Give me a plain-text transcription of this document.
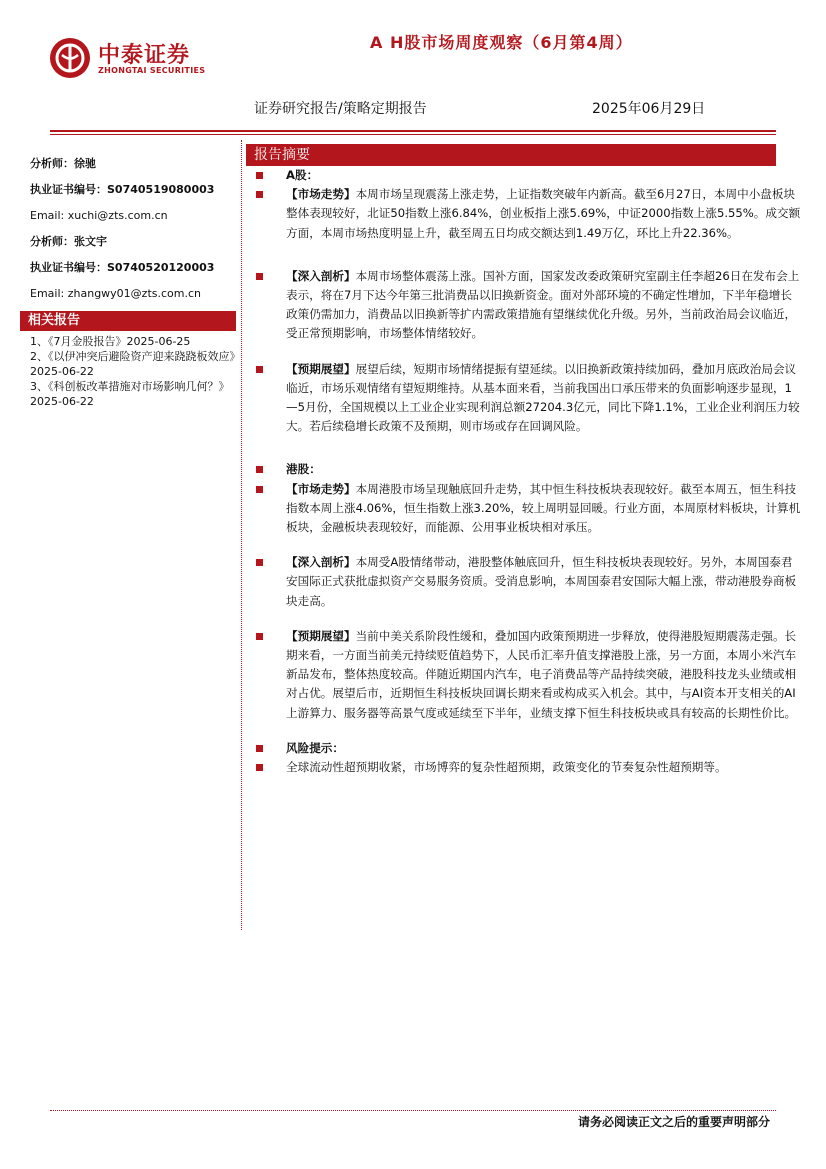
中泰证券
ZHONGTAI SECURITIES
A H股市场周度观察（6月第4周）
证券研究报告/策略定期报告	2025年06月29日
分析师：徐驰
执业证书编号：S0740519080003
Email: xuchi@zts.com.cn
分析师：张文宇
执业证书编号：S0740520120003
Email: zhangwy01@zts.com.cn
相关报告
1、《7月金股报告》2025-06-25
2、《以伊冲突后避险资产迎来跷跷板效应》2025-06-22
3、《科创板改革措施对市场影响几何？》2025-06-22
报告摘要
A股：
【市场走势】本周市场呈现震荡上涨走势，上证指数突破年内新高。截至6月27日，本周中小盘板块整体表现较好，北证50指数上涨6.84%，创业板指上涨5.69%，中证2000指数上涨5.55%。成交额方面，本周市场热度明显上升，截至周五日均成交额达到1.49万亿，环比上升22.36%。
【深入剖析】本周市场整体震荡上涨。国补方面，国家发改委政策研究室副主任李超26日在发布会上表示，将在7月下达今年第三批消费品以旧换新资金。面对外部环境的不确定性增加，下半年稳增长政策仍需加力，消费品以旧换新等扩内需政策措施有望继续优化升级。另外，当前政治局会议临近，受正常预期影响，市场整体情绪较好。
【预期展望】展望后续，短期市场情绪提振有望延续。以旧换新政策持续加码，叠加月底政治局会议临近，市场乐观情绪有望短期维持。从基本面来看，当前我国出口承压带来的负面影响逐步显现，1—5月份，全国规模以上工业企业实现利润总额27204.3亿元，同比下降1.1%，工业企业利润压力较大。若后续稳增长政策不及预期，则市场或存在回调风险。
港股：
【市场走势】本周港股市场呈现触底回升走势，其中恒生科技板块表现较好。截至本周五，恒生科技指数本周上涨4.06%，恒生指数上涨3.20%，较上周明显回暖。行业方面，本周原材料板块，计算机板块，金融板块表现较好，而能源、公用事业板块相对承压。
【深入剖析】本周受A股情绪带动，港股整体触底回升，恒生科技板块表现较好。另外，本周国泰君安国际正式获批虚拟资产交易服务资质。受消息影响，本周国泰君安国际大幅上涨，带动港股券商板块走高。
【预期展望】当前中美关系阶段性缓和，叠加国内政策预期进一步释放，使得港股短期震荡走强。长期来看，一方面当前美元持续贬值趋势下，人民币汇率升值支撑港股上涨，另一方面，本周小米汽车新品发布，整体热度较高。伴随近期国内汽车，电子消费品等产品持续突破，港股科技龙头业绩或相对占优。展望后市，近期恒生科技板块回调长期来看或构成买入机会。其中，与AI资本开支相关的AI上游算力、服务器等高景气度或延续至下半年，业绩支撑下恒生科技板块或具有较高的长期性价比。
风险提示：
全球流动性超预期收紧，市场博弈的复杂性超预期，政策变化的节奏复杂性超预期等。
请务必阅读正文之后的重要声明部分
